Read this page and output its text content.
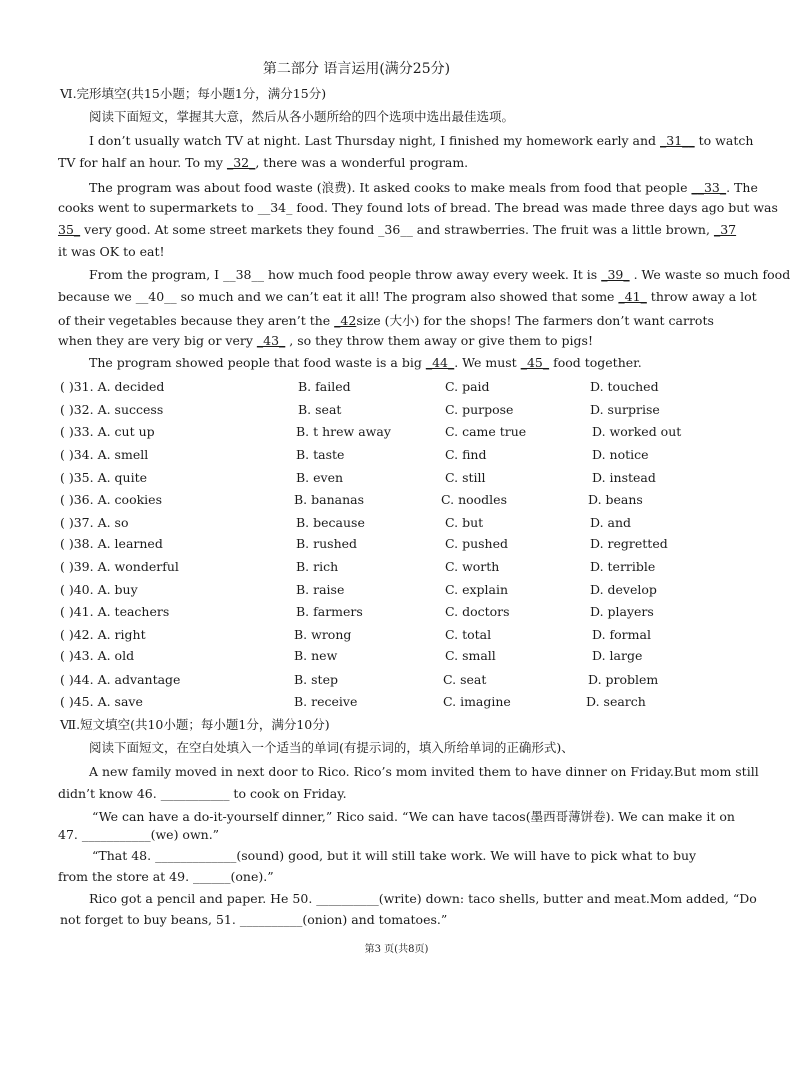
第二部分 语言运用(满分25分)
Ⅵ.完形填空(共15小题；每小题1分，满分15分)
阅读下面短文，掌握其大意，然后从各小题所给的四个选项中选出最佳选项。
I don’t usually watch TV at night. Last Thursday night, I finished my homework early and _31__ to watch
TV for half an hour. To my _32_, there was a wonderful program.
The program was about food waste (浪费). It asked cooks to make meals from food that people __33_. The
cooks went to supermarkets to __34_ food. They found lots of bread. The bread was made three days ago but was
35_ very good. At some street markets they found _36__ and strawberries. The fruit was a little brown, _37
it was OK to eat!
From the program, I __38__ how much food people throw away every week. It is _39_ . We waste so much food
because we __40__ so much and we can’t eat it all! The program also showed that some _41_ throw away a lot
of their vegetables because they aren’t the _42size (大小) for the shops! The farmers don’t want carrots
when they are very big or very _43_ , so they throw them away or give them to pigs!
The program showed people that food waste is a big _44_. We must _45_ food together.
( )31. A. decided	B. failed	C. paid	D. touched
( )32. A. success	B. seat	C. purpose	D. surprise
( )33. A. cut up	B. t hrew away	C. came true	D. worked out
( )34. A. smell	B. taste	C. find	D. notice
( )35. A. quite	B. even	C. still	D. instead
( )36. A. cookies	B. bananas	C. noodles	D. beans
( )37. A. so	B. because	C. but	D. and
( )38. A. learned	B. rushed	C. pushed	D. regretted
( )39. A. wonderful	B. rich	C. worth	D. terrible
( )40. A. buy	B. raise	C. explain	D. develop
( )41. A. teachers	B. farmers	C. doctors	D. players
( )42. A. right	B. wrong	C. total	D. formal
( )43. A. old	B. new	C. small	D. large
( )44. A. advantage	B. step	C. seat	D. problem
( )45. A. save	B. receive	C. imagine	D. search
Ⅶ.短文填空(共10小题；每小题1分，满分10分)
阅读下面短文，在空白处填入一个适当的单词(有提示词的，填入所给单词的正确形式)、
A new family moved in next door to Rico. Rico’s mom invited them to have dinner on Friday.But mom still
didn’t know 46. ___________ to cook on Friday.
“We can have a do-it-yourself dinner,” Rico said. “We can have tacos(墨西哥薄饼卷). We can make it on
47. ___________(we) own.”
“That 48. _____________(sound) good, but it will still take work. We will have to pick what to buy
from the store at 49. ______(one).”
Rico got a pencil and paper. He 50. __________(write) down: taco shells, butter and meat.Mom added, “Do
not forget to buy beans, 51. __________(onion) and tomatoes.”
第3 页(共8页)
